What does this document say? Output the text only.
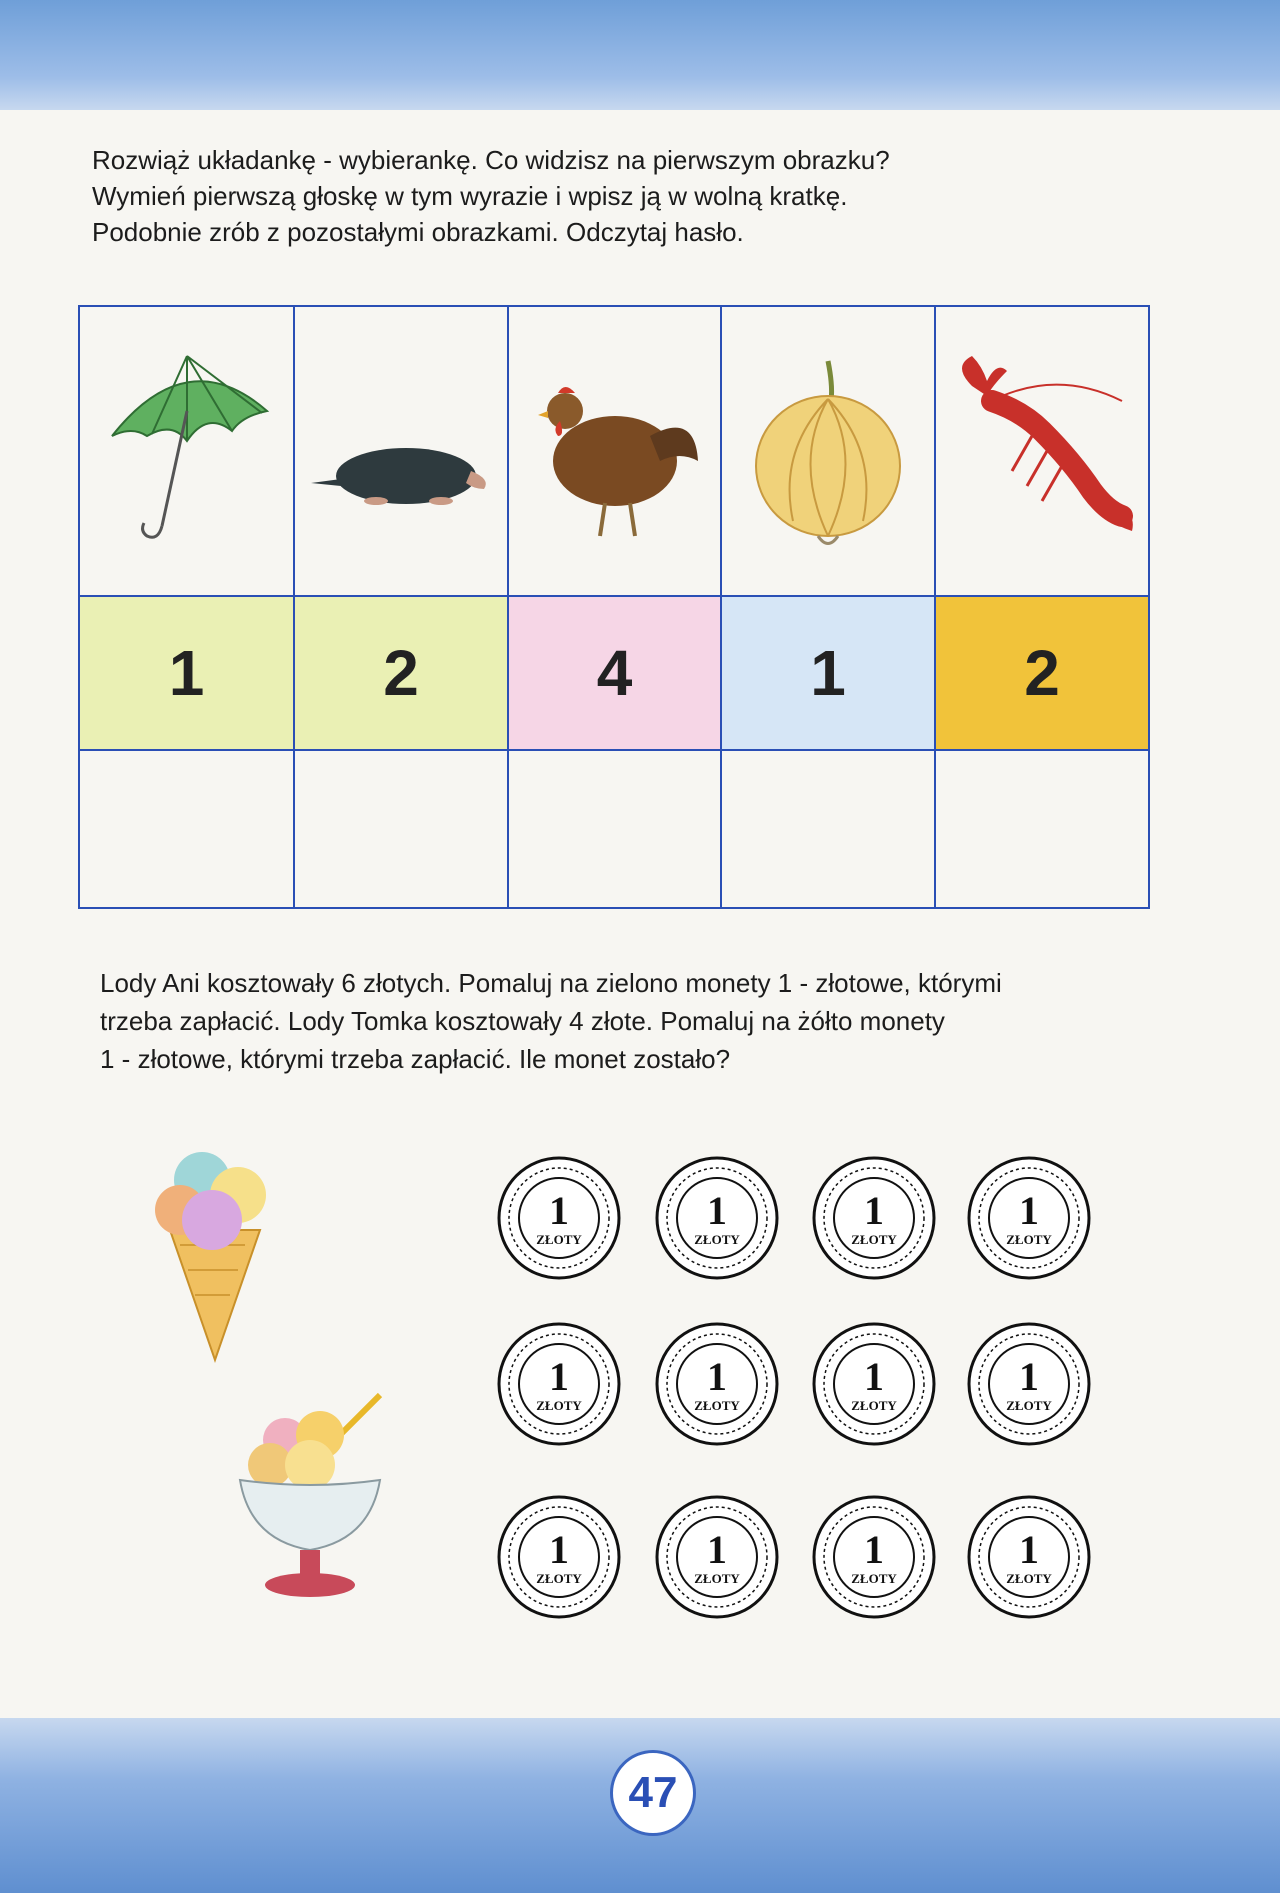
Rozwiąż układankę - wybierankę. Co widzisz na pierwszym obrazku?
Wymień pierwszą głoskę w tym wyrazie i wpisz ją w wolną kratkę.
Podobnie zrób z pozostałymi obrazkami. Odczytaj hasło.
1	2	4	1	2
Lody Ani kosztowały 6 złotych. Pomaluj na zielono monety 1 - złotowe, którymi
trzeba zapłacić. Lody Tomka kosztowały 4 złote. Pomaluj na żółto monety
1 - złotowe, którymi trzeba zapłacić. Ile monet zostało?
1
ZŁOTY
1
ZŁOTY
1
ZŁOTY
1
ZŁOTY
1
ZŁOTY
1
ZŁOTY
1
ZŁOTY
1
ZŁOTY
1
ZŁOTY
1
ZŁOTY
1
ZŁOTY
1
ZŁOTY
47
